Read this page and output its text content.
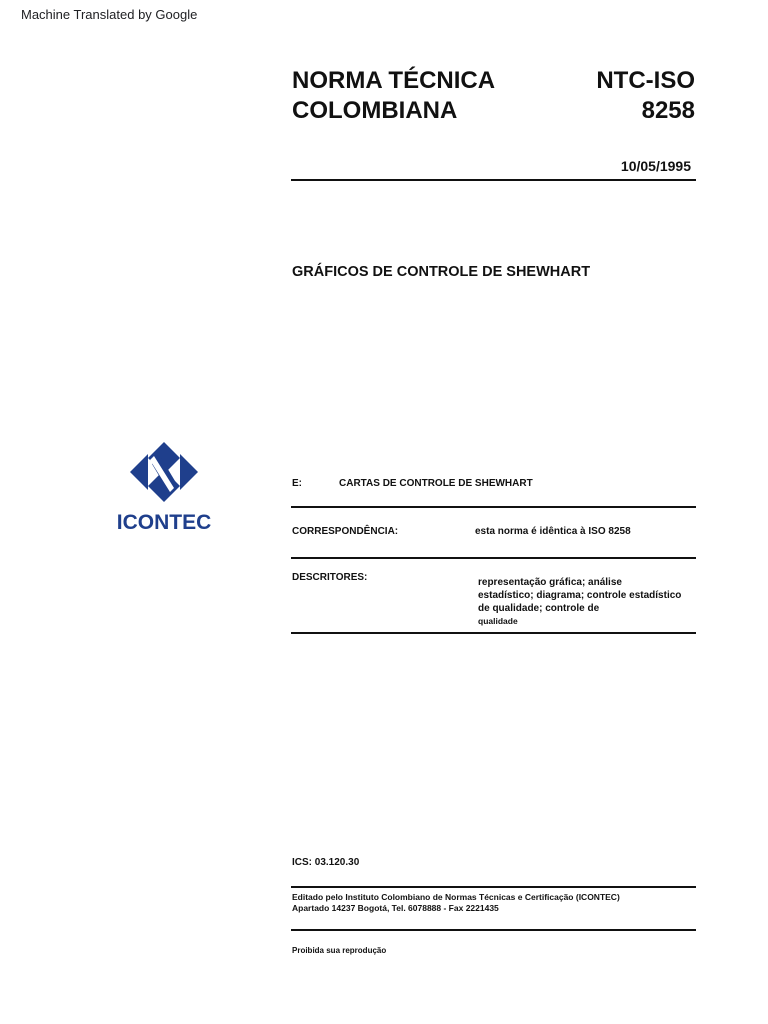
Machine Translated by Google
NORMA TÉCNICA
COLOMBIANA
NTC-ISO
8258
10/05/1995
GRÁFICOS DE CONTROLE DE SHEWHART
ICONTEC
E:	CARTAS DE CONTROLE DE SHEWHART
CORRESPONDÊNCIA:	esta norma é idêntica à ISO 8258
DESCRITORES:	representação gráfica; análise
estadístico; diagrama; controle estadístico
de qualidade; controle de
qualidade
ICS: 03.120.30
Editado pelo Instituto Colombiano de Normas Técnicas e Certificação (ICONTEC)
Apartado 14237 Bogotá, Tel. 6078888 - Fax 2221435
Proibida sua reprodução
